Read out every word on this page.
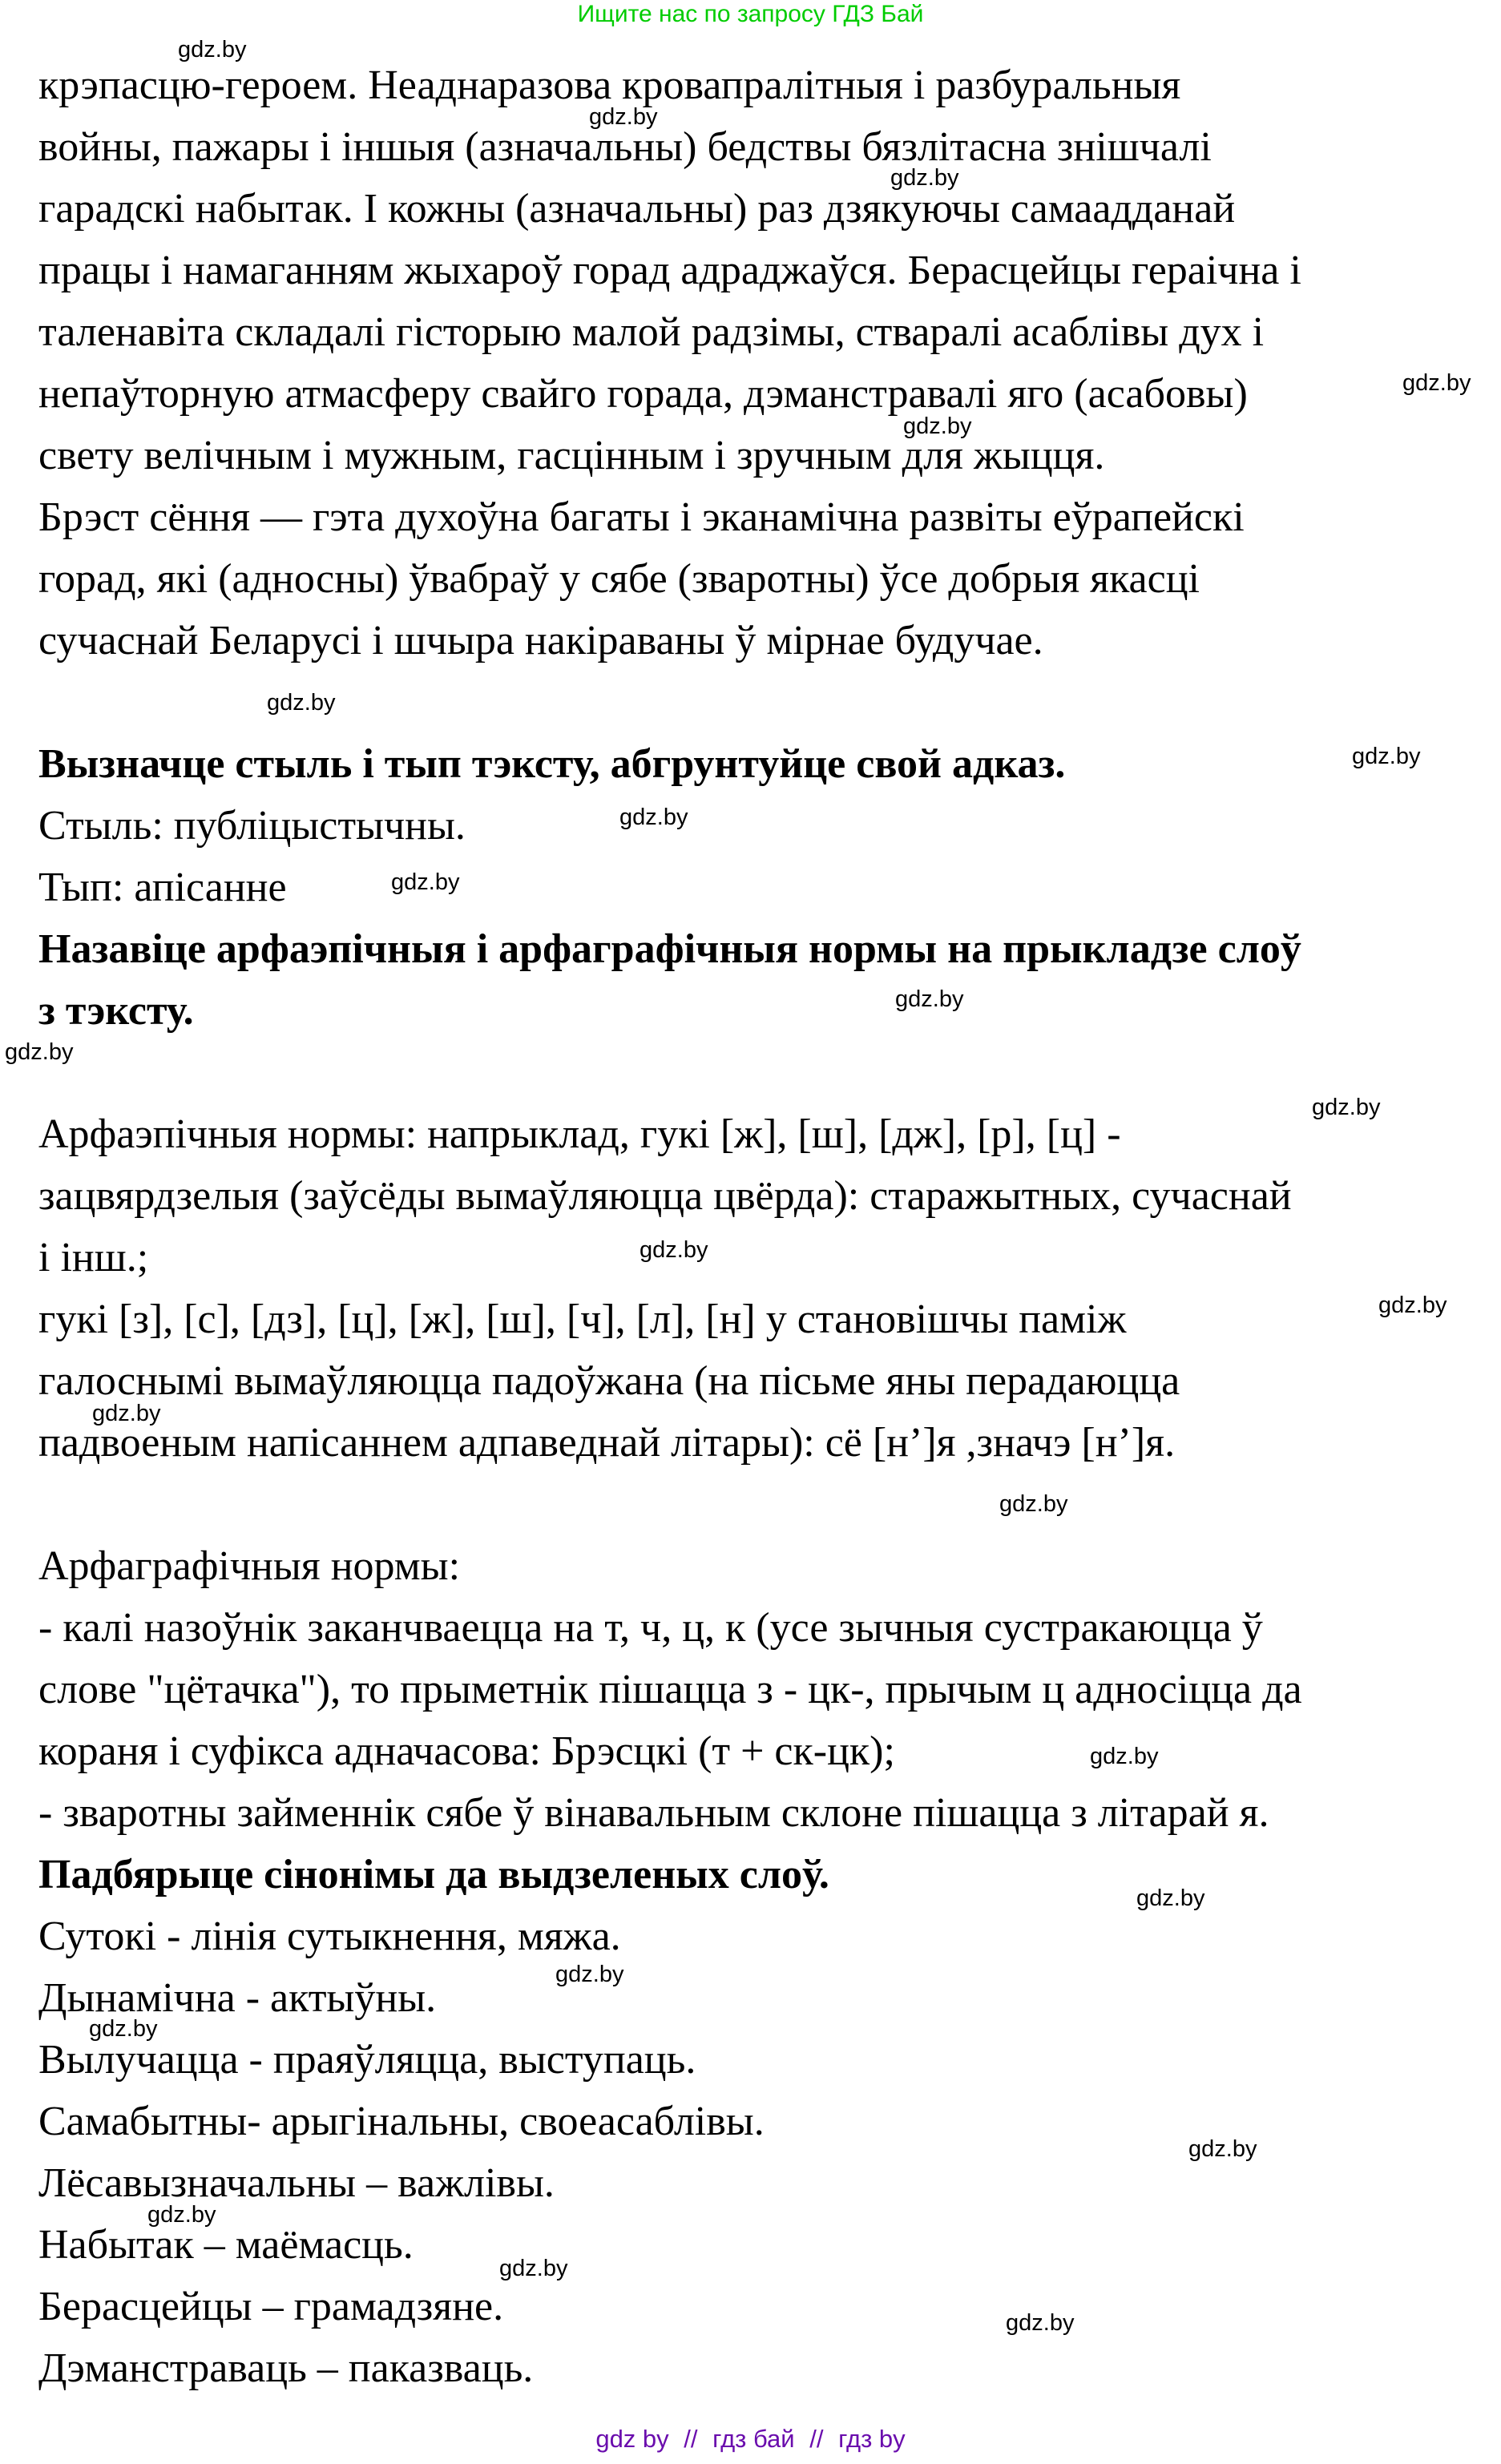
Ищите нас по запросу ГДЗ Бай
gdz.by
gdz.by
gdz.by
gdz.by
gdz.by
gdz.by
gdz.by
gdz.by
gdz.by
gdz.by
gdz.by
gdz.by
gdz.by
gdz.by
gdz.by
gdz.by
gdz.by
gdz.by
gdz.by
gdz.by
gdz.by
gdz.by
gdz.by
gdz.by
крэпасцю-героем. Неаднаразова кровапралітныя і разбуральныя
войны, пажары і іншыя (азначальны) бедствы бязлітасна знішчалі
гарадскі набытак. І кожны (азначальны) раз дзякуючы самаадданай
працы і намаганням жыхароў горад адраджаўся. Берасцейцы гераічна і
таленавіта складалі гісторыю малой радзімы, стваралі асаблівы дух і
непаўторную атмасферу свайго горада, дэманстравалі яго (асабовы)
свету велічным і мужным, гасцінным і зручным для жыцця.
Брэст сёння — гэта духоўна багаты і эканамічна развіты еўрапейскі
горад, які (адносны) ўвабраў у сябе (зваротны) ўсе добрыя якасці
сучаснай Беларусі і шчыра накіраваны ў мірнае будучае.
Вызначце стыль і тып тэксту, абгрунтуйце свой адказ.
Стыль: публіцыстычны.
Тып: апісанне
Назавіце арфаэпічныя і арфаграфічныя нормы на прыкладзе слоў
з тэксту.
Арфаэпічныя нормы: напрыклад, гукі [ж], [ш], [дж], [р], [ц] -
зацвярдзелыя (заўсёды вымаўляюцца цвёрда): старажытных, сучаснай
і інш.;
гукі [з], [с], [дз], [ц], [ж], [ш], [ч], [л], [н] у становішчы паміж
галоснымі вымаўляюцца падоўжана (на пісьме яны перадаюцца
падвоеным напісаннем адпаведнай літары): сё [н’]я ,значэ [н’]я.
Арфаграфічныя нормы:
- калі назоўнік заканчваецца на т, ч, ц, к (усе зычныя сустракаюцца ў
слове "цётачка"), то прыметнік пішацца з - цк-, прычым ц адносіцца да
кораня і суфікса адначасова: Брэсцкі (т + ск-цк);
- зваротны займеннік сябе ў вінавальным склоне пішацца з літарай я.
Падбярыце сінонімы да выдзеленых слоў.
Сутокі - лінія сутыкнення, мяжа.
Дынамічна - актыўны.
Вылучацца - праяўляцца, выступаць.
Самабытны- арыгінальны, своеасаблівы.
Лёсавызначальны – важлівы.
Набытак – маёмасць.
Берасцейцы – грамадзяне.
Дэманстраваць – паказваць.
gdz by // гдз бай // гдз by
